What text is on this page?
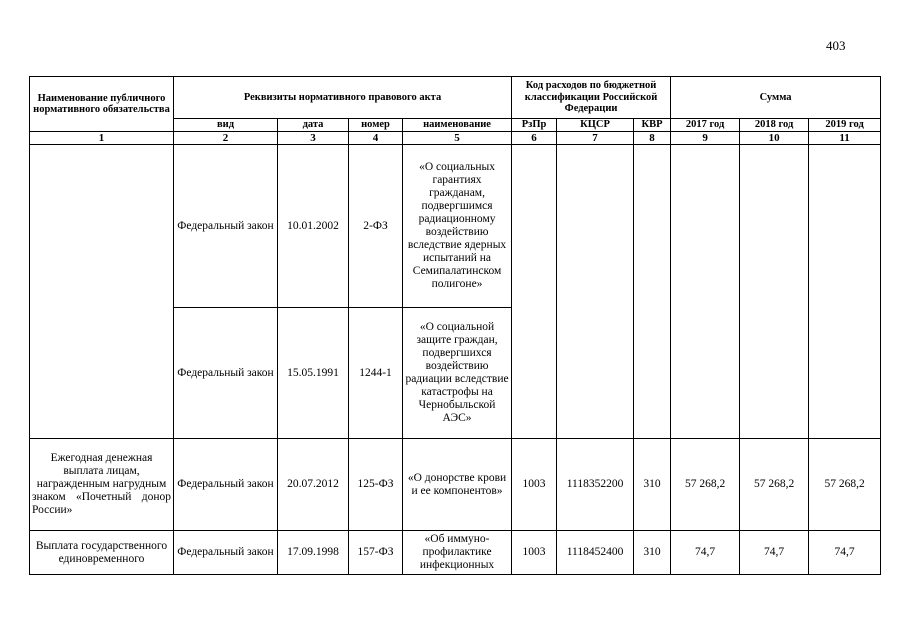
403
Наименование публичного нормативного обязательства	Реквизиты нормативного правового акта				Код расходов по бюджетной классификации Российской Федерации			Сумма		
	вид	дата	номер	наименование	РзПр	КЦСР	КВР	2017 год	2018 год	2019 год
1	2	3	4	5	6	7	8	9	10	11
	Федеральный закон	10.01.2002	2-ФЗ	«О социальных гарантиях гражданам, подвергшимся радиационному воздействию вследствие ядерных испытаний на Семипалатинском полигоне»						
	Федеральный закон	15.05.1991	1244-1	«О социальной защите граждан, подвергшихся воздействию радиации вследствие катастрофы на Чернобыльской АЭС»						
Ежегодная денежная выплата лицам, награжденным нагрудным знаком «Почетный донор
России»	Федеральный закон	20.07.2012	125-ФЗ	«О донорстве крови и ее компонентов»	1003	1118352200	310	57 268,2	57 268,2	57 268,2
Выплата государственного единовременного	Федеральный закон	17.09.1998	157-ФЗ	«Об иммуно-профилактике инфекционных	1003	1118452400	310	74,7	74,7	74,7
